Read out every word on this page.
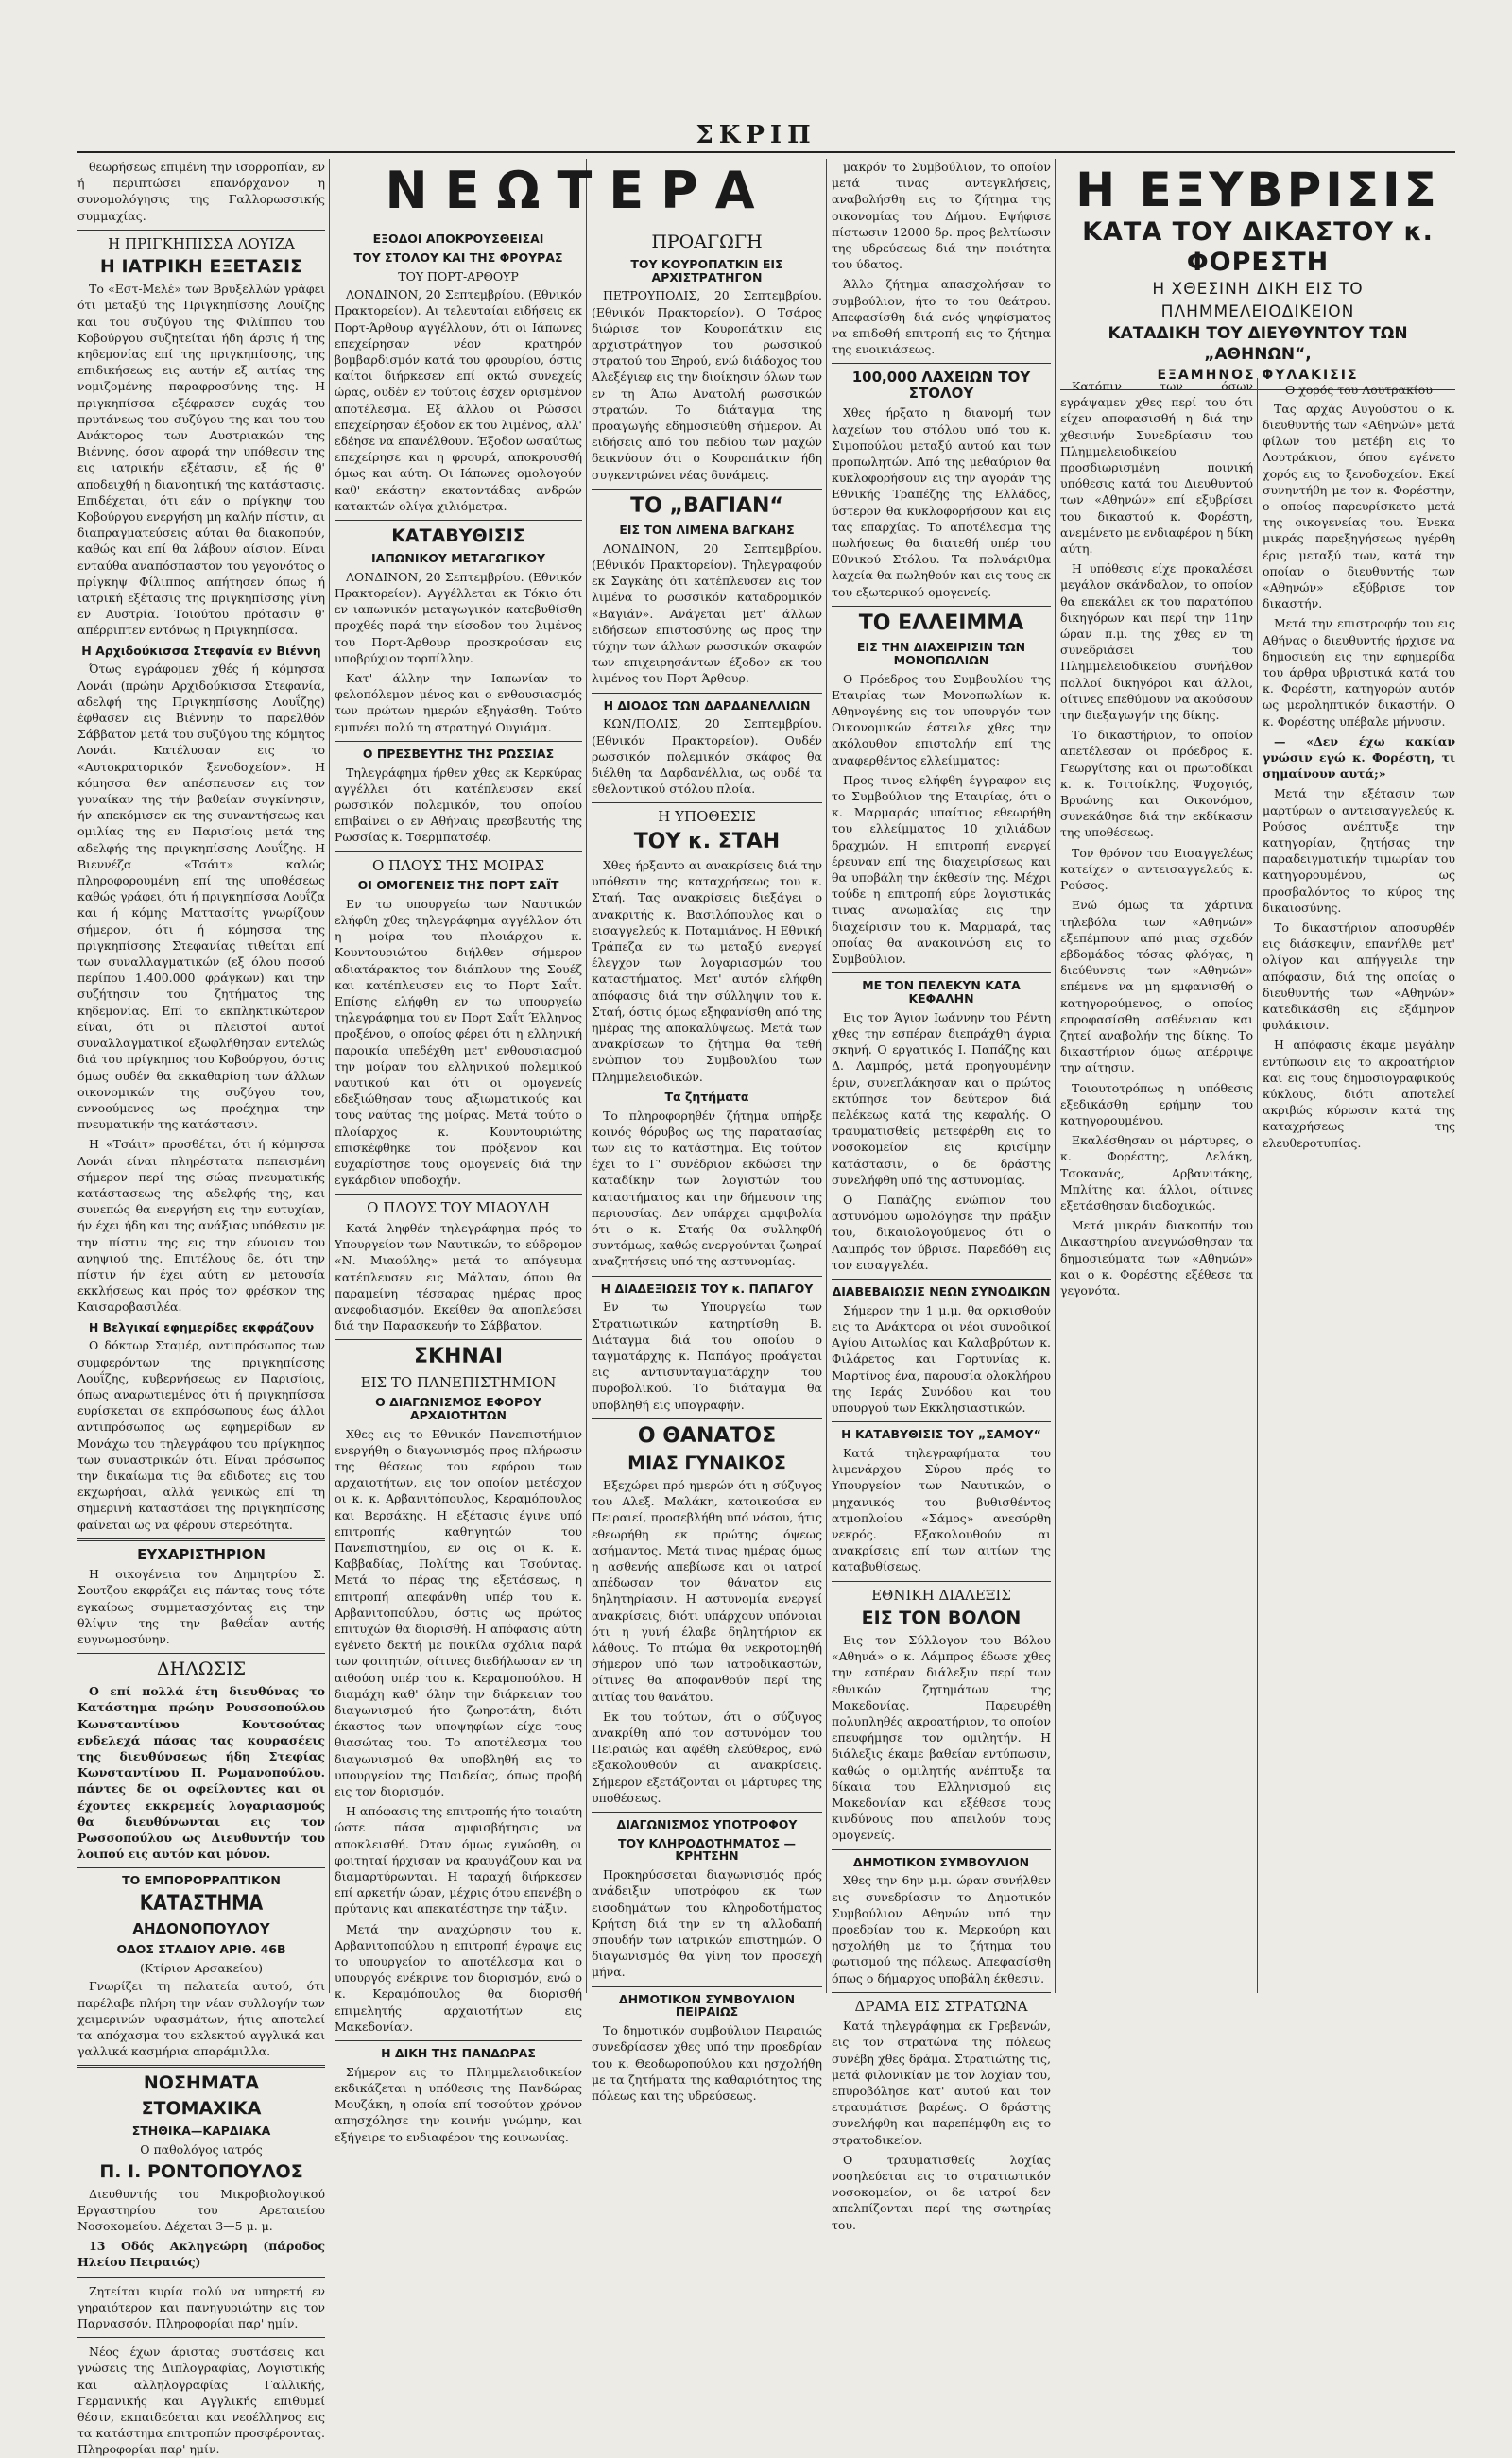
ΣΚΡΙΠ

θεωρήσεως επιμένη την ισορροπίαν, εν ή περιπτώσει επανόρχανον η συνομολόγησις της Γαλλορωσσικής συμμαχίας.

Η ΠΡΙΓΚΗΠΙΣΣΑ ΛΟΥΙΖΑ
Η ΙΑΤΡΙΚΗ ΕΞΕΤΑΣΙΣ

Το «Εστ-Μελέ» των Βρυξελλών γράφει ότι μεταξύ της Πριγκηπίσσης Λουίζης και του συζύγου της Φιλίππου του Κοβούργου συζητείται ήδη άρσις ή της κηδεμονίας επί της πριγκηπίσσης, της επιδικήσεως εις αυτήν εξ αιτίας της νομιζομένης παραφροσύνης της. Η πριγκηπίσσα εξέφρασεν ευχάς του πρυτάνεως του συζύγου της και του του Ανάκτορος των Αυστριακών της Βιέννης, όσον αφορά την υπόθεσιν της εις ιατρικήν εξέτασιν, εξ ής θ' αποδειχθή η διανοητική της κατάστασις. Επιδέχεται, ότι εάν ο πρίγκηψ του Κοβούργου ενεργήση μη καλήν πίστιν, αι διαπραγματεύσεις αύται θα διακοπούν, καθώς και επί θα λάβουν αίσιον. Είναι ενταύθα αναπόσπαστον του γεγονότος ο πρίγκηψ Φίλιππος απήτησεν όπως ή ιατρική εξέτασις της πριγκηπίσσης γίνη εν Αυστρία. Τοιούτου πρότασιν θ' απέρριπτεν εντόνως η Πριγκηπίσσα.

Η Αρχιδούκισσα Στεφανία εν Βιέννη

Ότως εγράφομεν χθές ή κόμησσα Λονάι (πρώην Αρχιδούκισσα Στεφανία, αδελφή της Πριγκηπίσσης Λουΐζης) έφθασεν εις Βιέννην το παρελθόν Σάββατον μετά του συζύγου της κόμητος Λονάι. Κατέλυσαν εις το «Αυτοκρατορικόν ξενοδοχείον». Η κόμησσα θεν απέσπευσεν εις τον γυναίκαν της τήν βαθείαν συγκίνησιν, ήν απεκόμισεν εκ της συναντήσεως και ομιλίας της εν Παρισίοις μετά της αδελφής της πριγκηπίσσης Λουΐζης. Η Βιεννέζα «Τσάιτ» καλώς πληροφορουμένη επί της υποθέσεως καθώς γράφει, ότι ή πριγκηπίσσα Λουΐζα και ή κόμης Ματτασίτς γνωρίζουν σήμερον, ότι ή κόμησσα της πριγκηπίσσης Στεφανίας τιθείται επί των συναλλαγματικών (εξ όλου ποσού περίπου 1.400.000 φράγκων) και την συζήτησιν του ζητήματος της κηδεμονίας. Επί το εκπληκτικώτερον είναι, ότι οι πλειστοί αυτοί συναλλαγματικοί εξωφλήθησαν εντελώς διά του πρίγκηπος του Κοβούργου, όστις όμως ουδέν θα εκκαθαρίση των άλλων οικονομικών της συζύγου του, εννοούμενος ως προέχημα την πνευματικήν της κατάστασιν.

Η «Τσάιτ» προσθέτει, ότι ή κόμησσα Λονάι είναι πληρέστατα πεπεισμένη σήμερον περί της σώας πνευματικής κατάστασεως της αδελφής της, και συνεπώς θα ενεργήση εις την ευτυχίαν, ήν έχει ήδη και της ανάξιας υπόθεσιν με την πίστιν της εις την εύνοιαν του ανηψιού της. Επιτέλους δε, ότι την πίστιν ήν έχει αύτη εν μετουσία εκκλήσεως και πρός τον φρέσκον της Καισαροβασιλέα.

Η Βελγικαί εφημερίδες εκφράζουν

Ο δόκτωρ Σταμέρ, αντιπρόσωπος των συμφερόντων της πριγκηπίσσης Λουΐζης, κυβερνήσεως εν Παρισίοις, όπως αναρωτιεμένος ότι ή πριγκηπίσσα ευρίσκεται σε εκπρόσωπους έως άλλοι αντιπρόσωπος ως εφημερίδων εν Μονάχω του τηλεγράφου του πρίγκηπος των συναστρικών ότι. Είναι πρόσωπος την δικαίωμα τις θα εδιδοτες εις του εκχωρήσαι, αλλά γενικώς επί τη σημερινή καταστάσει της πριγκηπίσσης φαίνεται ως να φέρουν στερεότητα.

ΕΥΧΑΡΙΣΤΗΡΙΟΝ

Η οικογένεια του Δημητρίου Σ. Σουτζου εκφράζει εις πάντας τους τότε εγκαίρως συμμετασχόντας εις την θλίψιν της την βαθεΐαν αυτής ευγνωμοσύνην.

ΔΗΛΩΣΙΣ

Ο επί πολλά έτη διευθύνας το Κατάστημα πρώην Ρουσσοπούλου Κωνσταντίνου Κουτσούτας ενδελεχά πάσας τας κουρασέεις της διευθύνσεως ήδη Στεφίας Κωνσταντίνου Π. Ρωμανοπούλου. πάντες δε οι οφείλοντες και οι έχοντες εκκρεμείς λογαριασμούς θα διευθύνωνται εις τον Ρωσσοπούλου ως Διευθυντήν του λοιπού εις αυτόν και μόνον.

ΤΟ ΕΜΠΟΡΟΡΡΑΠΤΙΚΟΝ
ΚΑΤΑΣΤΗΜΑ
ΑΗΔΟΝΟΠΟΥΛΟΥ
ΟΔΟΣ ΣΤΑΔΙΟΥ ΑΡΙΘ. 46Β
(Κτίριον Αρσακείου)

Γνωρίζει τη πελατεία αυτού, ότι παρέλαβε πλήρη την νέαν συλλογήν των χειμερινών υφασμάτων, ήτις αποτελεί τα απόχασμα του εκλεκτού αγγλικά και γαλλικά κασμήρια απαράμιλλα.

ΝΟΣΗΜΑΤΑ
ΣΤΟΜΑΧΙΚΑ
ΣΤΗΘΙΚΑ—ΚΑΡΔΙΑΚΑ
Ο παθολόγος ιατρός
Π. Ι. ΡΟΝΤΟΠΟΥΛΟΣ

Διευθυντής του Μικροβιολογικού Εργαστηρίου του Αρεταιείου Νοσοκομείου. Δέχεται 3—5 μ. μ.

13 Οδός Ακληγεώρη (πάροδος Ηλείου Πειραιώς)

Ζητείται κυρία πολύ να υπηρετή εν γηραιότερον και πανηγυριώτην εις τον Παρνασσόν. Πληροφορίαι παρ' ημίν.

Νέος έχων άριστας συστάσεις και γνώσεις της Διπλογραφίας, Λογιστικής και αλληλογραφίας Γαλλικής, Γερμανικής και Αγγλικής επιθυμεί θέσιν, εκπαιδεύεται και νεοέλληνος εις τα κατάστημα επιτροπών προσφέροντας. Πληροφορίαι παρ' ημίν.

ΝΕΩΤΕΡΑ
ΕΞΟΔΟΙ ΑΠΟΚΡΟΥΣΘΕΙΣΑΙ
ΤΟΥ ΣΤΟΛΟΥ ΚΑΙ ΤΗΣ ΦΡΟΥΡΑΣ
ΤΟΥ ΠΟΡΤ-ΑΡΘΟΥΡ

ΛΟΝΔΙΝΟΝ, 20 Σεπτεμβρίου. (Εθνικόν Πρακτορείον). Αι τελευταίαι ειδήσεις εκ Πορτ-Άρθουρ αγγέλλουν, ότι οι Ιάπωνες επεχείρησαν νέον κρατηρόν βομβαρδισμόν κατά του φρουρίου, όστις καίτοι διήρκεσεν επί οκτώ συνεχείς ώρας, ουδέν εν τούτοις έσχεν ορισμένον αποτέλεσμα. Εξ άλλου οι Ρώσσοι επεχείρησαν έξοδον εκ του λιμένος, αλλ' εδέησε να επανέλθουν. Έξοδον ωσαύτως επεχείρησε και η φρουρά, αποκρουσθή όμως και αύτη. Οι Ιάπωνες ομολογούν καθ' εκάστην εκατοντάδας ανδρών κατακτών ολίγα χιλιόμετρα.

ΚΑΤΑΒΥΘΙΣΙΣ
ΙΑΠΩΝΙΚΟΥ ΜΕΤΑΓΩΓΙΚΟΥ

ΛΟΝΔΙΝΟΝ, 20 Σεπτεμβρίου. (Εθνικόν Πρακτορείον). Αγγέλλεται εκ Τόκιο ότι εν ιαπωνικόν μεταγωγικόν κατεβυθίσθη προχθές παρά την είσοδον του λιμένος του Πορτ-Άρθουρ προσκρούσαν εις υποβρύχιον τορπίλλην.

Κατ' άλλην την Ιαπωνίαν το φελοπόλεμον μένος και ο ενθουσιασμός των πρώτων ημερών εξηγάσθη. Τούτο εμπνέει πολύ τη στρατηγό Ουγιάμα.

Ο ΠΡΕΣΒΕΥΤΗΣ ΤΗΣ ΡΩΣΣΙΑΣ

Τηλεγράφημα ήρθεν χθες εκ Κερκύρας αγγέλλει ότι κατέπλευσεν εκεί ρωσσικόν πολεμικόν, του οποίου επιβαίνει ο εν Αθήναις πρεσβευτής της Ρωσσίας κ. Τσερμπατσέφ.

Ο ΠΛΟΥΣ ΤΗΣ ΜΟΙΡΑΣ
ΟΙ ΟΜΟΓΕΝΕΙΣ ΤΗΣ ΠΟΡΤ ΣΑΪΤ

Εν τω υπουργείω των Ναυτικών ελήφθη χθες τηλεγράφημα αγγέλλον ότι η μοίρα του πλοιάρχου κ. Κουντουριώτου διήλθεν σήμερον αδιατάρακτος τον διάπλουν της Σουέζ και κατέπλευσεν εις το Πορτ Σαΐτ. Επίσης ελήφθη εν τω υπουργείω τηλεγράφημα του εν Πορτ Σαΐτ Έλληνος προξένου, ο οποίος φέρει ότι η ελληνική παροικία υπεδέχθη μετ' ενθουσιασμού την μοίραν του ελληνικού πολεμικού ναυτικού και ότι οι ομογενείς εδεξιώθησαν τους αξιωματικούς και τους ναύτας της μοίρας. Μετά τούτο ο πλοίαρχος κ. Κουντουριώτης επισκέφθηκε τον πρόξενον και ευχαρίστησε τους ομογενείς διά την εγκάρδιον υποδοχήν.

Ο ΠΛΟΥΣ ΤΟΥ ΜΙΑΟΥΛΗ

Κατά ληφθέν τηλεγράφημα πρός το Υπουργείον των Ναυτικών, το εύδρομον «Ν. Μιαούλης» μετά το απόγευμα κατέπλευσεν εις Μάλταν, όπου θα παραμείνη τέσσαρας ημέρας προς ανεφοδιασμόν. Εκείθεν θα αποπλεύσει διά την Παρασκευήν το Σάββατον.

ΣΚΗΝΑΙ
ΕΙΣ ΤΟ ΠΑΝΕΠΙΣΤΗΜΙΟΝ
Ο ΔΙΑΓΩΝΙΣΜΟΣ ΕΦΟΡΟΥ ΑΡΧΑΙΟΤΗΤΩΝ

Χθες εις το Εθνικόν Πανεπιστήμιον ενεργήθη ο διαγωνισμός προς πλήρωσιν της θέσεως του εφόρου των αρχαιοτήτων, εις τον οποίον μετέσχον οι κ. κ. Αρβανιτόπουλος, Κεραμόπουλος και Βερσάκης. Η εξέτασις έγινε υπό επιτροπής καθηγητών του Πανεπιστημίου, εν οις οι κ. κ. Καββαδίας, Πολίτης και Τσούντας. Μετά το πέρας της εξετάσεως, η επιτροπή απεφάνθη υπέρ του κ. Αρβανιτοπούλου, όστις ως πρώτος επιτυχών θα διορισθή. Η απόφασις αύτη εγένετο δεκτή με ποικίλα σχόλια παρά των φοιτητών, οίτινες διεδήλωσαν εν τη αιθούση υπέρ του κ. Κεραμοπούλου. Η διαμάχη καθ' όλην την διάρκειαν του διαγωνισμού ήτο ζωηροτάτη, διότι έκαστος των υποψηφίων είχε τους θιασώτας του. Το αποτέλεσμα του διαγωνισμού θα υποβληθή εις το υπουργείον της Παιδείας, όπως προβή εις τον διορισμόν.

Η απόφασις της επιτροπής ήτο τοιαύτη ώστε πάσα αμφισβήτησις να αποκλεισθή. Όταν όμως εγνώσθη, οι φοιτηταί ήρχισαν να κραυγάζουν και να διαμαρτύρωνται. Η ταραχή διήρκεσεν επί αρκετήν ώραν, μέχρις ότου επενέβη ο πρύτανις και απεκατέστησε την τάξιν.

Μετά την αναχώρησιν του κ. Αρβανιτοπούλου η επιτροπή έγραψε εις το υπουργείον το αποτέλεσμα και ο υπουργός ενέκρινε τον διορισμόν, ενώ ο κ. Κεραμόπουλος θα διορισθή επιμελητής αρχαιοτήτων εις Μακεδονίαν.

Η ΔΙΚΗ ΤΗΣ ΠΑΝΔΩΡΑΣ

Σήμερον εις το Πλημμελειοδικείον εκδικάζεται η υπόθεσις της Πανδώρας Μουζάκη, η οποία επί τοσούτον χρόνον απησχόλησε την κοινήν γνώμην, και εξήγειρε το ενδιαφέρον της κοινωνίας.

ΠΡΟΑΓΩΓΗ
ΤΟΥ ΚΟΥΡΟΠΑΤΚΙΝ ΕΙΣ ΑΡΧΙΣΤΡΑΤΗΓΟΝ

ΠΕΤΡΟΥΠΟΛΙΣ, 20 Σεπτεμβρίου. (Εθνικόν Πρακτορείον). Ο Τσάρος διώρισε τον Κουροπάτκιν εις αρχιστράτηγον του ρωσσικού στρατού του Ξηρού, ενώ διάδοχος του Αλεξέγιεφ εις την διοίκησιν όλων των εν τη Άπω Ανατολή ρωσσικών στρατών. Το διάταγμα της προαγωγής εδημοσιεύθη σήμερον. Αι ειδήσεις από του πεδίου των μαχών δεικνύουν ότι ο Κουροπάτκιν ήδη συγκεντρώνει νέας δυνάμεις.

ΤΟ „ΒΑΓΙΑΝ“
ΕΙΣ ΤΟΝ ΛΙΜΕΝΑ ΒΑΓΚΑΗΣ

ΛΟΝΔΙΝΟΝ, 20 Σεπτεμβρίου. (Εθνικόν Πρακτορείον). Τηλεγραφούν εκ Σαγκάης ότι κατέπλευσεν εις τον λιμένα το ρωσσικόν καταδρομικόν «Βαγιάν». Ανάγεται μετ' άλλων ειδήσεων επιστοσύνης ως προς την τύχην των άλλων ρωσσικών σκαφών των επιχειρησάντων έξοδον εκ του λιμένος του Πορτ-Άρθουρ.

Η ΔΙΟΔΟΣ ΤΩΝ ΔΑΡΔΑΝΕΛΛΙΩΝ

ΚΩΝ/ΠΟΛΙΣ, 20 Σεπτεμβρίου. (Εθνικόν Πρακτορείον). Ουδέν ρωσσικόν πολεμικόν σκάφος θα διέλθη τα Δαρδανέλλια, ως ουδέ τα εθελοντικού στόλου πλοία.

Η ΥΠΟΘΕΣΙΣ
ΤΟΥ κ. ΣΤΑΗ

Χθες ήρξαντο αι ανακρίσεις διά την υπόθεσιν της καταχρήσεως του κ. Σταή. Τας ανακρίσεις διεξάγει ο ανακριτής κ. Βασιλόπουλος και ο εισαγγελεύς κ. Ποταμιάνος. Η Εθνική Τράπεζα εν τω μεταξύ ενεργεί έλεγχον των λογαριασμών του καταστήματος. Μετ' αυτόν ελήφθη απόφασις διά την σύλληψιν του κ. Σταή, όστις όμως εξηφανίσθη από της ημέρας της αποκαλύψεως. Μετά των ανακρίσεων το ζήτημα θα τεθή ενώπιον του Συμβουλίου των Πλημμελειοδικών.

Τα ζητήματα

Το πληροφορηθέν ζήτημα υπήρξε κοινός θόρυβος ως της παρατασίας των εις το κατάστημα. Εις τούτον έχει το Γ' συνέδριον εκδώσει την καταδίκην των λογιστών του καταστήματος και την δήμευσιν της περιουσίας. Δεν υπάρχει αμφιβολία ότι ο κ. Σταής θα συλληφθή συντόμως, καθώς ενεργούνται ζωηραί αναζητήσεις υπό της αστυνομίας.

Η ΔΙΑΔΕΞΙΩΣΙΣ ΤΟΥ κ. ΠΑΠΑΓΟΥ

Εν τω Υπουργείω των Στρατιωτικών κατηρτίσθη Β. Διάταγμα διά του οποίου ο ταγματάρχης κ. Παπάγος προάγεται εις αντισυνταγματάρχην του πυροβολικού. Το διάταγμα θα υποβληθή εις υπογραφήν.

Ο ΘΑΝΑΤΟΣ
ΜΙΑΣ ΓΥΝΑΙΚΟΣ

Εξεχώρει πρό ημερών ότι η σύζυγος του Αλεξ. Μαλάκη, κατοικούσα εν Πειραιεί, προσεβλήθη υπό νόσου, ήτις εθεωρήθη εκ πρώτης όψεως ασήμαντος. Μετά τινας ημέρας όμως η ασθενής απεβίωσε και οι ιατροί απέδωσαν τον θάνατον εις δηλητηρίασιν. Η αστυνομία ενεργεί ανακρίσεις, διότι υπάρχουν υπόνοιαι ότι η γυνή έλαβε δηλητήριον εκ λάθους. Το πτώμα θα νεκροτομηθή σήμερον υπό των ιατροδικαστών, οίτινες θα αποφανθούν περί της αιτίας του θανάτου.

Εκ του τούτων, ότι ο σύζυγος ανακρίθη από τον αστυνόμον του Πειραιώς και αφέθη ελεύθερος, ενώ εξακολουθούν αι ανακρίσεις. Σήμερον εξετάζονται οι μάρτυρες της υποθέσεως.

ΔΙΑΓΩΝΙΣΜΟΣ ΥΠΟΤΡΟΦΟΥ
ΤΟΥ ΚΛΗΡΟΔΟΤΗΜΑΤΟΣ — ΚΡΗΤΣΗΝ

Προκηρύσσεται διαγωνισμός πρός ανάδειξιν υποτρόφου εκ των εισοδημάτων του κληροδοτήματος Κρήτση διά την εν τη αλλοδαπή σπουδήν των ιατρικών επιστημών. Ο διαγωνισμός θα γίνη τον προσεχή μήνα.

ΔΗΜΟΤΙΚΟΝ ΣΥΜΒΟΥΛΙΟΝ ΠΕΙΡΑΙΩΣ

Το δημοτικόν συμβούλιον Πειραιώς συνεδρίασεν χθες υπό την προεδρίαν του κ. Θεοδωροπούλου και ησχολήθη με τα ζητήματα της καθαριότητος της πόλεως και της υδρεύσεως.

μακρόν το Συμβούλιον, το οποίον μετά τινας αντεγκλήσεις, αναβολήσθη εις το ζήτημα της οικονομίας του Δήμου. Εψήφισε πίστωσιν 12000 δρ. προς βελτίωσιν της υδρεύσεως διά την ποιότητα του ύδατος.

Άλλο ζήτημα απασχολήσαν το συμβούλιον, ήτο το του θεάτρου. Απεφασίσθη διά ενός ψηφίσματος να επιδοθή επιτροπή εις το ζήτημα της ενοικιάσεως.

100,000 ΛΑΧΕΙΩΝ ΤΟΥ ΣΤΟΛΟΥ

Χθες ήρξατο η διανομή των λαχείων του στόλου υπό του κ. Σιμοπούλου μεταξύ αυτού και των προπωλητών. Από της μεθαύριον θα κυκλοφορήσουν εις την αγοράν της Εθνικής Τραπέζης της Ελλάδος, ύστερον θα κυκλοφορήσουν και εις τας επαρχίας. Το αποτέλεσμα της πωλήσεως θα διατεθή υπέρ του Εθνικού Στόλου. Τα πολυάριθμα λαχεία θα πωληθούν και εις τους εκ του εξωτερικού ομογενείς.

ΤΟ ΕΛΛΕΙΜΜΑ
ΕΙΣ ΤΗΝ ΔΙΑΧΕΙΡΙΣΙΝ ΤΩΝ ΜΟΝΟΠΩΛΙΩΝ

Ο Πρόεδρος του Συμβουλίου της Εταιρίας των Μονοπωλίων κ. Αθηνογένης εις τον υπουργόν των Οικονομικών έστειλε χθες την ακόλουθον επιστολήν επί της αναφερθέντος ελλείμματος:

Προς τινος ελήφθη έγγραφον εις το Συμβούλιον της Εταιρίας, ότι ο κ. Μαρμαράς υπαίτιος εθεωρήθη του ελλείμματος 10 χιλιάδων δραχμών. Η επιτροπή ενεργεί έρευναν επί της διαχειρίσεως και θα υποβάλη την έκθεσίν της. Μέχρι τούδε η επιτροπή εύρε λογιστικάς τινας ανωμαλίας εις την διαχείρισιν του κ. Μαρμαρά, τας οποίας θα ανακοινώση εις το Συμβούλιον.

ΜΕ ΤΟΝ ΠΕΛΕΚΥΝ ΚΑΤΑ ΚΕΦΑΛΗΝ

Εις τον Άγιον Ιωάννην του Ρέντη χθες την εσπέραν διεπράχθη άγρια σκηνή. Ο εργατικός Ι. Παπάζης και Δ. Λαμπρός, μετά προηγουμένην έριν, συνεπλάκησαν και ο πρώτος εκτύπησε τον δεύτερον διά πελέκεως κατά της κεφαλής. Ο τραυματισθείς μετεφέρθη εις το νοσοκομείον εις κρισίμην κατάστασιν, ο δε δράστης συνελήφθη υπό της αστυνομίας.

Ο Παπάζης ενώπιον του αστυνόμου ωμολόγησε την πράξιν του, δικαιολογούμενος ότι ο Λαμπρός τον ύβρισε. Παρεδόθη εις τον εισαγγελέα.

ΔΙΑΒΕΒΑΙΩΣΙΣ ΝΕΩΝ ΣΥΝΟΔΙΚΩΝ

Σήμερον την 1 μ.μ. θα ορκισθούν εις τα Ανάκτορα οι νέοι συνοδικοί Αγίου Αιτωλίας και Καλαβρύτων κ. Φιλάρετος και Γορτυνίας κ. Μαρτίνος ένα, παρουσία ολοκλήρου της Ιεράς Συνόδου και του υπουργού των Εκκλησιαστικών.

Η ΚΑΤΑΒΥΘΙΣΙΣ ΤΟΥ „ΣΑΜΟΥ“

Κατά τηλεγραφήματα του λιμενάρχου Σύρου πρός το Υπουργείον των Ναυτικών, ο μηχανικός του βυθισθέντος ατμοπλοίου «Σάμος» ανεσύρθη νεκρός. Εξακολουθούν αι ανακρίσεις επί των αιτίων της καταβυθίσεως.

ΕΘΝΙΚΗ ΔΙΑΛΕΞΙΣ
ΕΙΣ ΤΟΝ ΒΟΛΟΝ

Εις τον Σύλλογον του Βόλου «Αθηνά» ο κ. Λάμπρος έδωσε χθες την εσπέραν διάλεξιν περί των εθνικών ζητημάτων της Μακεδονίας. Παρευρέθη πολυπληθές ακροατήριον, το οποίον επευφήμησε τον ομιλητήν. Η διάλεξις έκαμε βαθείαν εντύπωσιν, καθώς ο ομιλητής ανέπτυξε τα δίκαια του Ελληνισμού εις Μακεδονίαν και εξέθεσε τους κινδύνους που απειλούν τους ομογενείς.

ΔΗΜΟΤΙΚΟΝ ΣΥΜΒΟΥΛΙΟΝ

Χθες την 6ην μ.μ. ώραν συνήλθεν εις συνεδρίασιν το Δημοτικόν Συμβούλιον Αθηνών υπό την προεδρίαν του κ. Μερκούρη και ησχολήθη με το ζήτημα του φωτισμού της πόλεως. Απεφασίσθη όπως ο δήμαρχος υποβάλη έκθεσιν.

ΔΡΑΜΑ ΕΙΣ ΣΤΡΑΤΩΝΑ

Κατά τηλεγράφημα εκ Γρεβενών, εις τον στρατώνα της πόλεως συνέβη χθες δράμα. Στρατιώτης τις, μετά φιλονικίαν με τον λοχίαν του, επυροβόλησε κατ' αυτού και τον ετραυμάτισε βαρέως. Ο δράστης συνελήφθη και παρεπέμφθη εις το στρατοδικείον.

Ο τραυματισθείς λοχίας νοσηλεύεται εις το στρατιωτικόν νοσοκομείον, οι δε ιατροί δεν απελπίζονται περί της σωτηρίας του.

Η ΕΞΥΒΡΙΣΙΣ
ΚΑΤΑ ΤΟΥ ΔΙΚΑΣΤΟΥ κ. ΦΟΡΕΣΤΗ
Η ΧΘΕΣΙΝΗ ΔΙΚΗ ΕΙΣ ΤΟ ΠΛΗΜΜΕΛΕΙΟΔΙΚΕΙΟΝ
ΚΑΤΑΔΙΚΗ ΤΟΥ ΔΙΕΥΘΥΝΤΟΥ ΤΩΝ „ΑΘΗΝΩΝ“,
ΕΞΑΜΗΝΟΣ ΦΥΛΑΚΙΣΙΣ

Κατόπιν των όσων εγράψαμεν χθες περί του ότι είχεν αποφασισθή η διά την χθεσινήν Συνεδρίασιν του Πλημμελειοδικείου προσδιωρισμένη ποινική υπόθεσις κατά του Διευθυντού των «Αθηνών» επί εξυβρίσει του δικαστού κ. Φορέστη, ανεμένετο με ενδιαφέρον η δίκη αύτη.

Η υπόθεσις είχε προκαλέσει μεγάλον σκάνδαλον, το οποίον θα επεκάλει εκ του παρατόπου δικηγόρων και περί την 11ην ώραν π.μ. της χθες εν τη συνεδριάσει του Πλημμελειοδικείου συνήλθον πολλοί δικηγόροι και άλλοι, οίτινες επεθύμουν να ακούσουν την διεξαγωγήν της δίκης.

Το δικαστήριον, το οποίον απετέλεσαν οι πρόεδρος κ. Γεωργίτσης και οι πρωτοδίκαι κ. κ. Τσιτσίκλης, Ψυχογιός, Βρυώνης και Οικονόμου, συνεκάθησε διά την εκδίκασιν της υποθέσεως.

Τον θρόνον του Εισαγγελέως κατείχεν ο αντεισαγγελεύς κ. Ρούσος.

Ενώ όμως τα χάρτινα τηλεβόλα των «Αθηνών» εξεπέμπουν από μιας σχεδόν εβδομάδος τόσας φλόγας, η διεύθυνσις των «Αθηνών» επέμενε να μη εμφανισθή ο κατηγορούμενος, ο οποίος επροφασίσθη ασθένειαν και ζητεί αναβολήν της δίκης. Το δικαστήριον όμως απέρριψε την αίτησιν.

Τοιουτοτρόπως η υπόθεσις εξεδικάσθη ερήμην του κατηγορουμένου.

Εκαλέσθησαν οι μάρτυρες, ο κ. Φορέστης, Λελάκη, Τσοκανάς, Αρβανιτάκης, Μπλίτης και άλλοι, οίτινες εξετάσθησαν διαδοχικώς.

Μετά μικράν διακοπήν του Δικαστηρίου ανεγνώσθησαν τα δημοσιεύματα των «Αθηνών» και ο κ. Φορέστης εξέθεσε τα γεγονότα.

Ο χορός του Λουτρακίου

Τας αρχάς Αυγούστου ο κ. διευθυντής των «Αθηνών» μετά φίλων του μετέβη εις το Λουτράκιον, όπου εγένετο χορός εις το ξενοδοχείον. Εκεί συνηντήθη με τον κ. Φορέστην, ο οποίος παρευρίσκετο μετά της οικογενείας του. Ένεκα μικράς παρεξηγήσεως ηγέρθη έρις μεταξύ των, κατά την οποίαν ο διευθυντής των «Αθηνών» εξύβρισε τον δικαστήν.

Μετά την επιστροφήν του εις Αθήνας ο διευθυντής ήρχισε να δημοσιεύη εις την εφημερίδα του άρθρα υβριστικά κατά του κ. Φορέστη, κατηγορών αυτόν ως μεροληπτικόν δικαστήν. Ο κ. Φορέστης υπέβαλε μήνυσιν.

— «Δεν έχω κακίαν γνώσιν εγώ κ. Φορέστη, τι σημαίνουν αυτά;»

Μετά την εξέτασιν των μαρτύρων ο αντεισαγγελεύς κ. Ρούσος ανέπτυξε την κατηγορίαν, ζητήσας την παραδειγματικήν τιμωρίαν του κατηγορουμένου, ως προσβαλόντος το κύρος της δικαιοσύνης.

Το δικαστήριον αποσυρθέν εις διάσκεψιν, επανήλθε μετ' ολίγον και απήγγειλε την απόφασιν, διά της οποίας ο διευθυντής των «Αθηνών» κατεδικάσθη εις εξάμηνον φυλάκισιν.

Η απόφασις έκαμε μεγάλην εντύπωσιν εις το ακροατήριον και εις τους δημοσιογραφικούς κύκλους, διότι αποτελεί ακριβώς κύρωσιν κατά της καταχρήσεως της ελευθεροτυπίας.
